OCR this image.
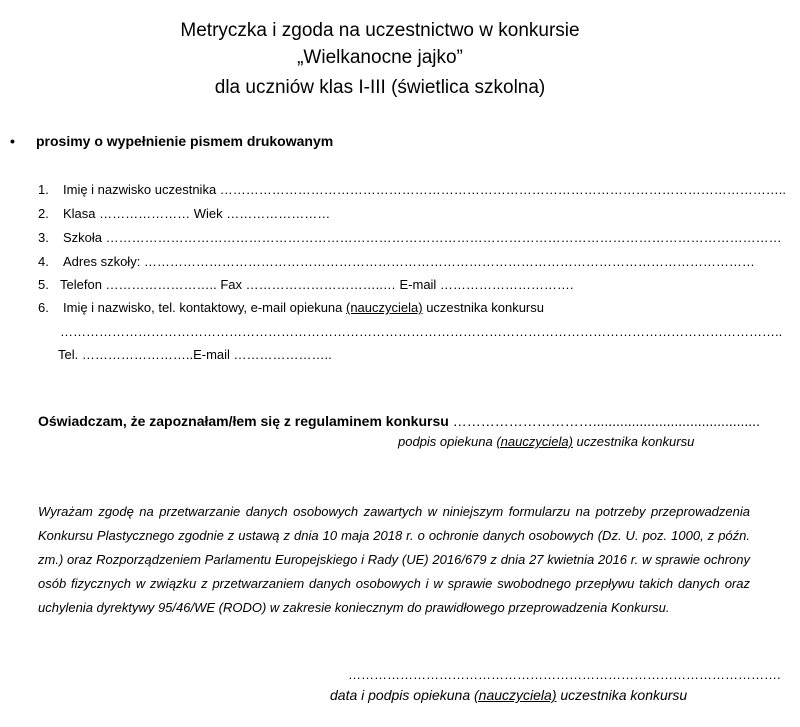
Metryczka i zgoda na uczestnictwo w konkursie
„Wielkanocne jajko”
dla uczniów klas I-III (świetlica szkolna)
• prosimy o wypełnienie pismem drukowanym
1. Imię i nazwisko uczestnika …………………………………………………………………………………………………………………..
2. Klasa ………………… Wiek ……………………
3. Szkoła …………………………………………………………………………………………………………………………………………
4. Adres szkoły: ……………………………………………………………………………………………………………………………
5. Telefon …………………….. Fax …………………………..… E-mail ………………………….
6. Imię i nazwisko, tel. kontaktowy, e-mail opiekuna (nauczyciela) uczestnika konkursu
…………………………………………………………………………………………………………………………………………………..
Tel. ……………………..E-mail …………………..
Oświadczam, że zapoznałam/łem się z regulaminem konkursu …………………………...........................................
podpis opiekuna (nauczyciela) uczestnika konkursu

Wyrażam zgodę na przetwarzanie danych osobowych zawartych w niniejszym formularzu na potrzeby przeprowadzenia Konkursu Plastycznego zgodnie z ustawą z dnia 10 maja 2018 r. o ochronie danych osobowych (Dz. U. poz. 1000, z późn. zm.) oraz Rozporządzeniem Parlamentu Europejskiego i Rady (UE) 2016/679 z dnia 27 kwietnia 2016 r. w sprawie ochrony osób fizycznych w związku z przetwarzaniem danych osobowych i w sprawie swobodnego przepływu takich danych oraz uchylenia dyrektywy 95/46/WE (RODO) w zakresie koniecznym do prawidłowego przeprowadzenia Konkursu.

……………………………………………………………………………………….
data i podpis opiekuna (nauczyciela) uczestnika konkursu
